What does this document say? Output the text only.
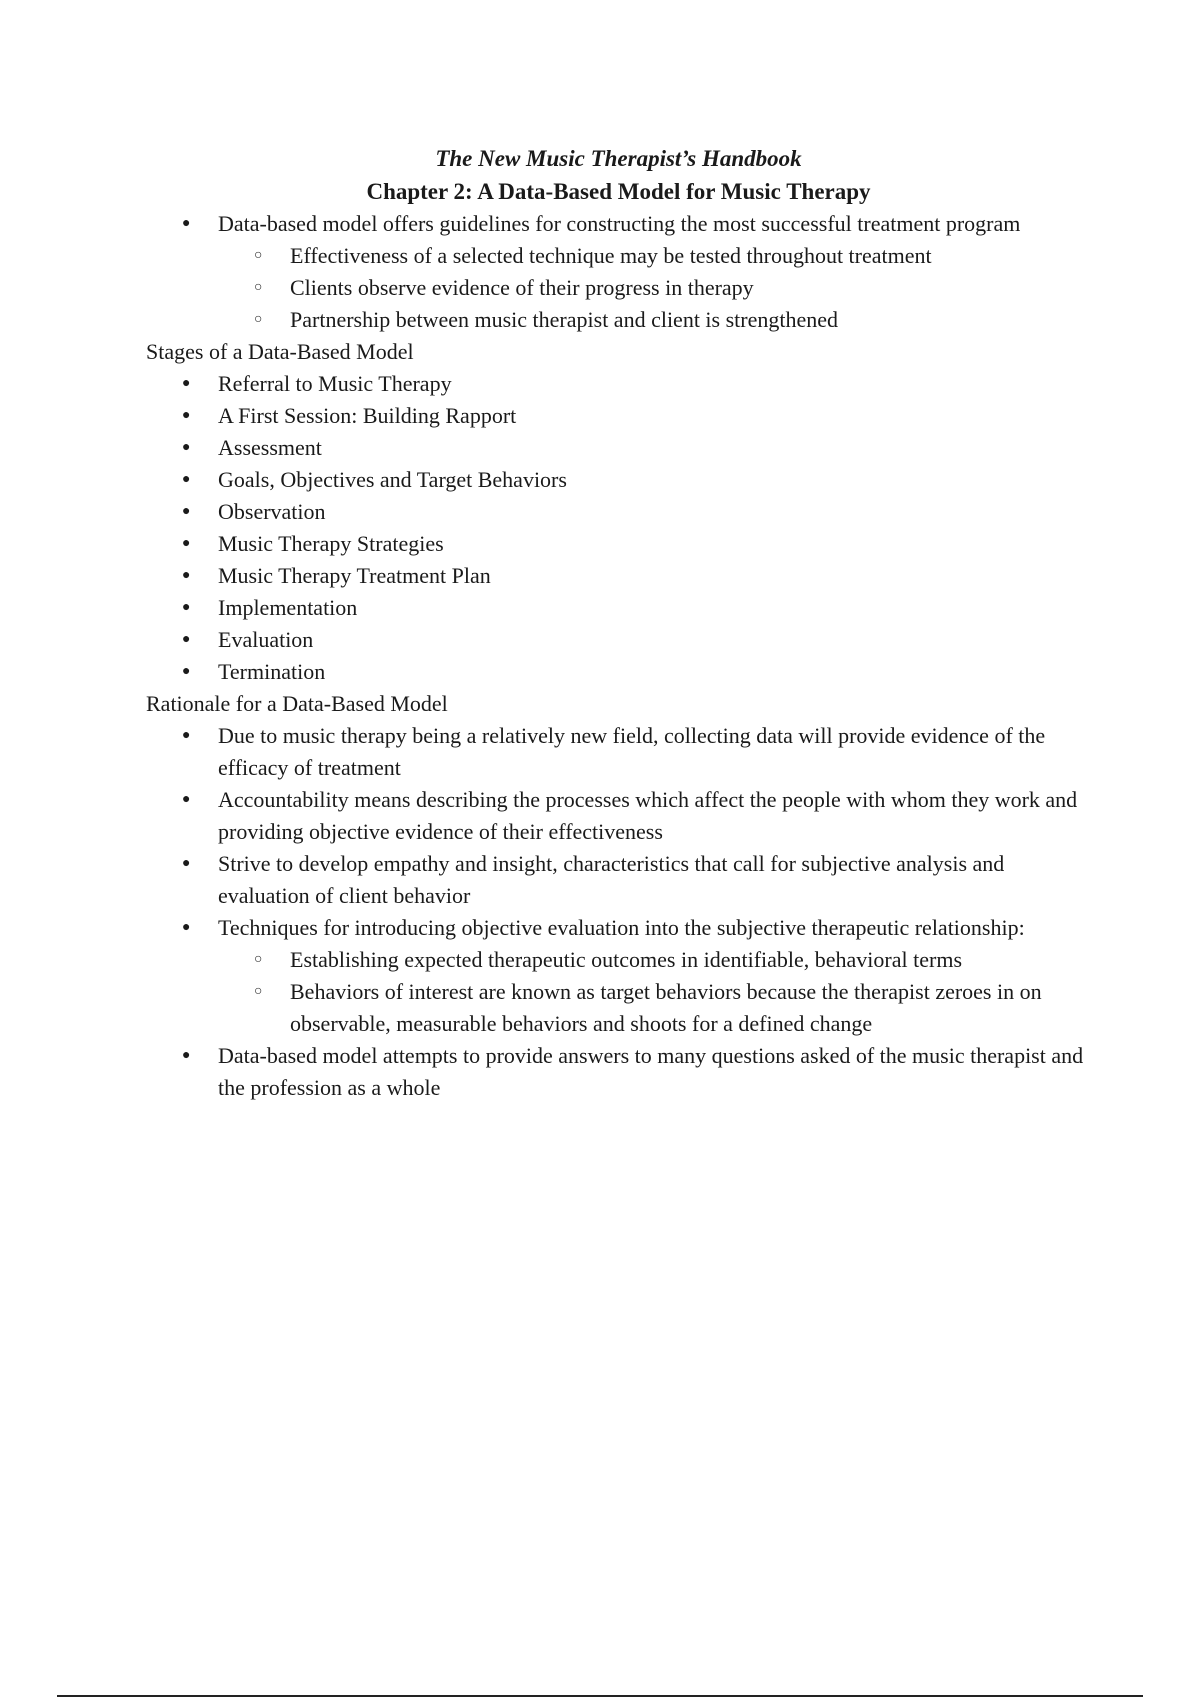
The New Music Therapist’s Handbook

Chapter 2: A Data-Based Model for Music Therapy

● Data-based model offers guidelines for constructing the most successful treatment program
○ Effectiveness of a selected technique may be tested throughout treatment
○ Clients observe evidence of their progress in therapy
○ Partnership between music therapist and client is strengthened

Stages of a Data-Based Model

● Referral to Music Therapy
● A First Session: Building Rapport
● Assessment
● Goals, Objectives and Target Behaviors
● Observation
● Music Therapy Strategies
● Music Therapy Treatment Plan
● Implementation
● Evaluation
● Termination

Rationale for a Data-Based Model

● Due to music therapy being a relatively new field, collecting data will provide evidence of the efficacy of treatment
● Accountability means describing the processes which affect the people with whom they work and providing objective evidence of their effectiveness
● Strive to develop empathy and insight, characteristics that call for subjective analysis and evaluation of client behavior
● Techniques for introducing objective evaluation into the subjective therapeutic relationship:
○ Establishing expected therapeutic outcomes in identifiable, behavioral terms
○ Behaviors of interest are known as target behaviors because the therapist zeroes in on observable, measurable behaviors and shoots for a defined change
● Data-based model attempts to provide answers to many questions asked of the music therapist and the profession as a whole
